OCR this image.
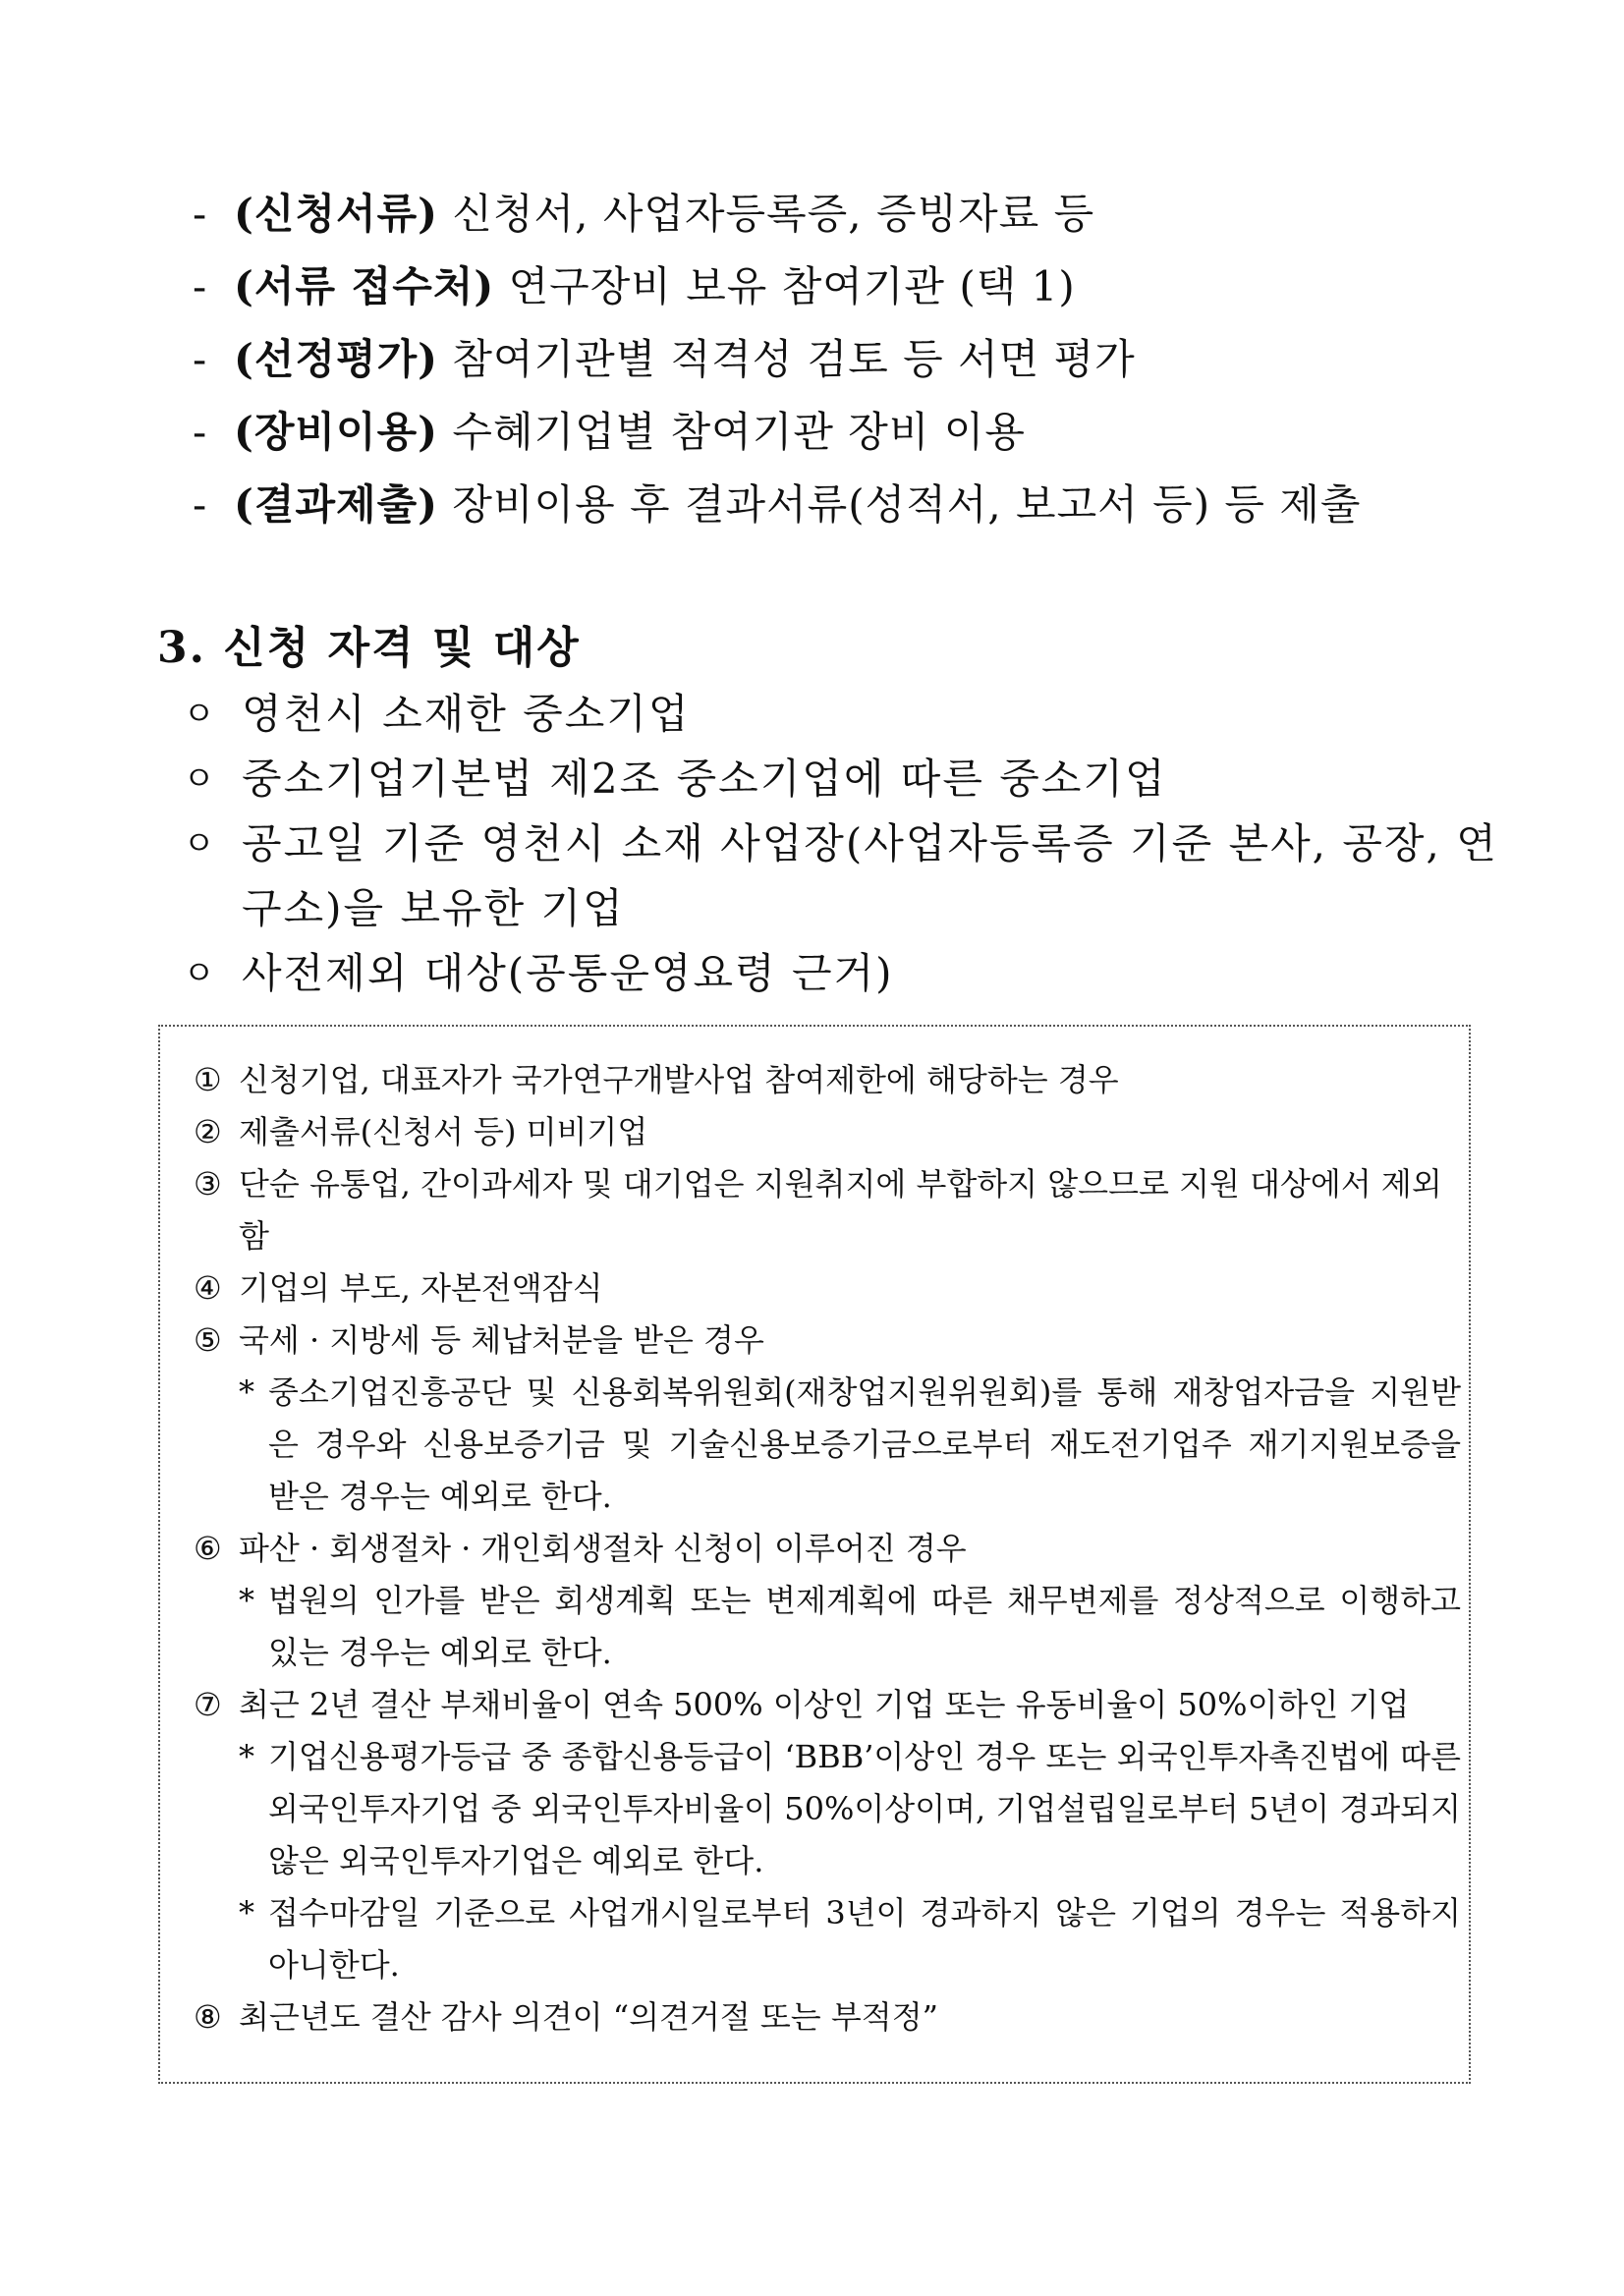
- (신청서류) 신청서, 사업자등록증, 증빙자료 등
- (서류 접수처) 연구장비 보유 참여기관 (택 1)
- (선정평가) 참여기관별 적격성 검토 등 서면 평가
- (장비이용) 수혜기업별 참여기관 장비 이용
- (결과제출) 장비이용 후 결과서류(성적서, 보고서 등) 등 제출
3. 신청 자격 및 대상
ㅇ 영천시 소재한 중소기업
ㅇ 중소기업기본법 제2조 중소기업에 따른 중소기업
ㅇ 공고일 기준 영천시 소재 사업장(사업자등록증 기준 본사, 공장, 연구소)을 보유한 기업
ㅇ 사전제외 대상(공통운영요령 근거)
① 신청기업, 대표자가 국가연구개발사업 참여제한에 해당하는 경우
② 제출서류(신청서 등) 미비기업
③ 단순 유통업, 간이과세자 및 대기업은 지원취지에 부합하지 않으므로 지원 대상에서 제외함
④ 기업의 부도, 자본전액잠식
⑤ 국세 · 지방세 등 체납처분을 받은 경우
* 중소기업진흥공단 및 신용회복위원회(재창업지원위원회)를 통해 재창업자금을 지원받은 경우와 신용보증기금 및 기술신용보증기금으로부터 재도전기업주 재기지원보증을 받은 경우는 예외로 한다.
⑥ 파산 · 회생절차 · 개인회생절차 신청이 이루어진 경우
* 법원의 인가를 받은 회생계획 또는 변제계획에 따른 채무변제를 정상적으로 이행하고 있는 경우는 예외로 한다.
⑦ 최근 2년 결산 부채비율이 연속 500% 이상인 기업 또는 유동비율이 50%이하인 기업
* 기업신용평가등급 중 종합신용등급이 ‘BBB’이상인 경우 또는 외국인투자촉진법에 따른 외국인투자기업 중 외국인투자비율이 50%이상이며, 기업설립일로부터 5년이 경과되지 않은 외국인투자기업은 예외로 한다.
* 접수마감일 기준으로 사업개시일로부터 3년이 경과하지 않은 기업의 경우는 적용하지 아니한다.
⑧ 최근년도 결산 감사 의견이 “의견거절 또는 부적정”
